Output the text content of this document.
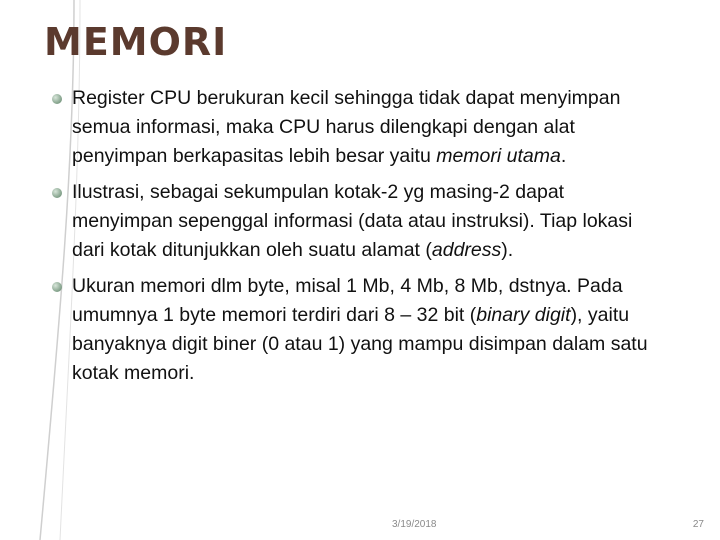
MEMORI
Register CPU berukuran kecil sehingga tidak dapat menyimpan semua informasi, maka CPU harus dilengkapi dengan alat penyimpan berkapasitas lebih besar yaitu memori utama.
Ilustrasi, sebagai sekumpulan kotak-2 yg masing-2 dapat menyimpan sepenggal informasi (data atau instruksi). Tiap lokasi dari kotak ditunjukkan oleh suatu alamat (address).
Ukuran memori dlm byte, misal 1 Mb, 4 Mb, 8 Mb, dstnya. Pada umumnya 1 byte memori terdiri dari 8 – 32 bit (binary digit), yaitu banyaknya digit biner (0 atau 1) yang mampu disimpan dalam satu kotak memori.
3/19/2018	27
